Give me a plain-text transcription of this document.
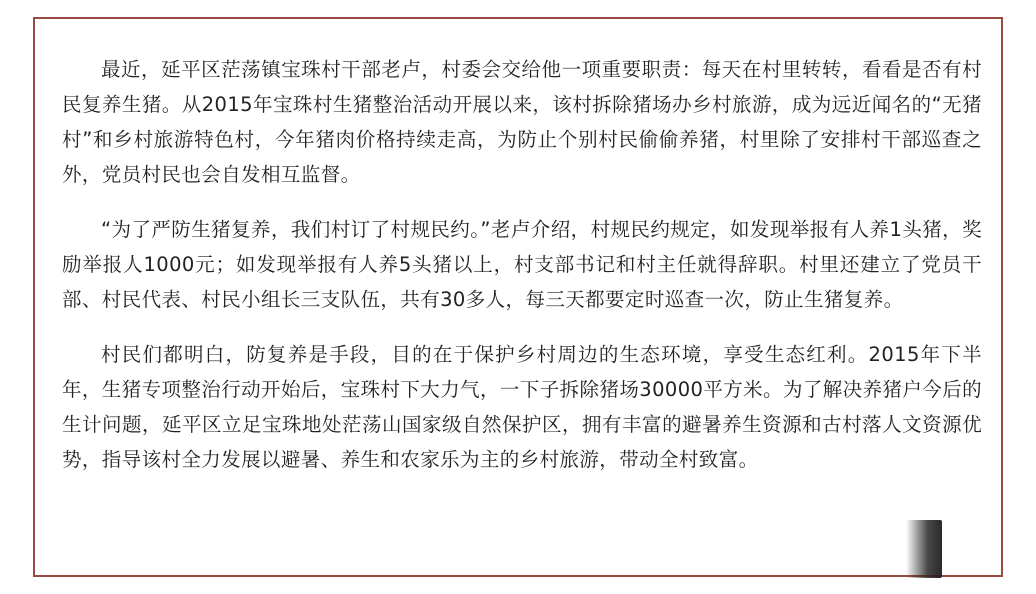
最近，延平区茫荡镇宝珠村干部老卢，村委会交给他一项重要职责：每天在村里转转，看看是否有村民复养生猪。从2015年宝珠村生猪整治活动开展以来，该村拆除猪场办乡村旅游，成为远近闻名的“无猪村”和乡村旅游特色村，今年猪肉价格持续走高，为防止个别村民偷偷养猪，村里除了安排村干部巡查之外，党员村民也会自发相互监督。

“为了严防生猪复养，我们村订了村规民约。”老卢介绍，村规民约规定，如发现举报有人养1头猪，奖励举报人1000元；如发现举报有人养5头猪以上，村支部书记和村主任就得辞职。村里还建立了党员干部、村民代表、村民小组长三支队伍，共有30多人，每三天都要定时巡查一次，防止生猪复养。

村民们都明白，防复养是手段，目的在于保护乡村周边的生态环境，享受生态红利。2015年下半年，生猪专项整治行动开始后，宝珠村下大力气，一下子拆除猪场30000平方米。为了解决养猪户今后的生计问题，延平区立足宝珠地处茫荡山国家级自然保护区，拥有丰富的避暑养生资源和古村落人文资源优势，指导该村全力发展以避暑、养生和农家乐为主的乡村旅游，带动全村致富。
